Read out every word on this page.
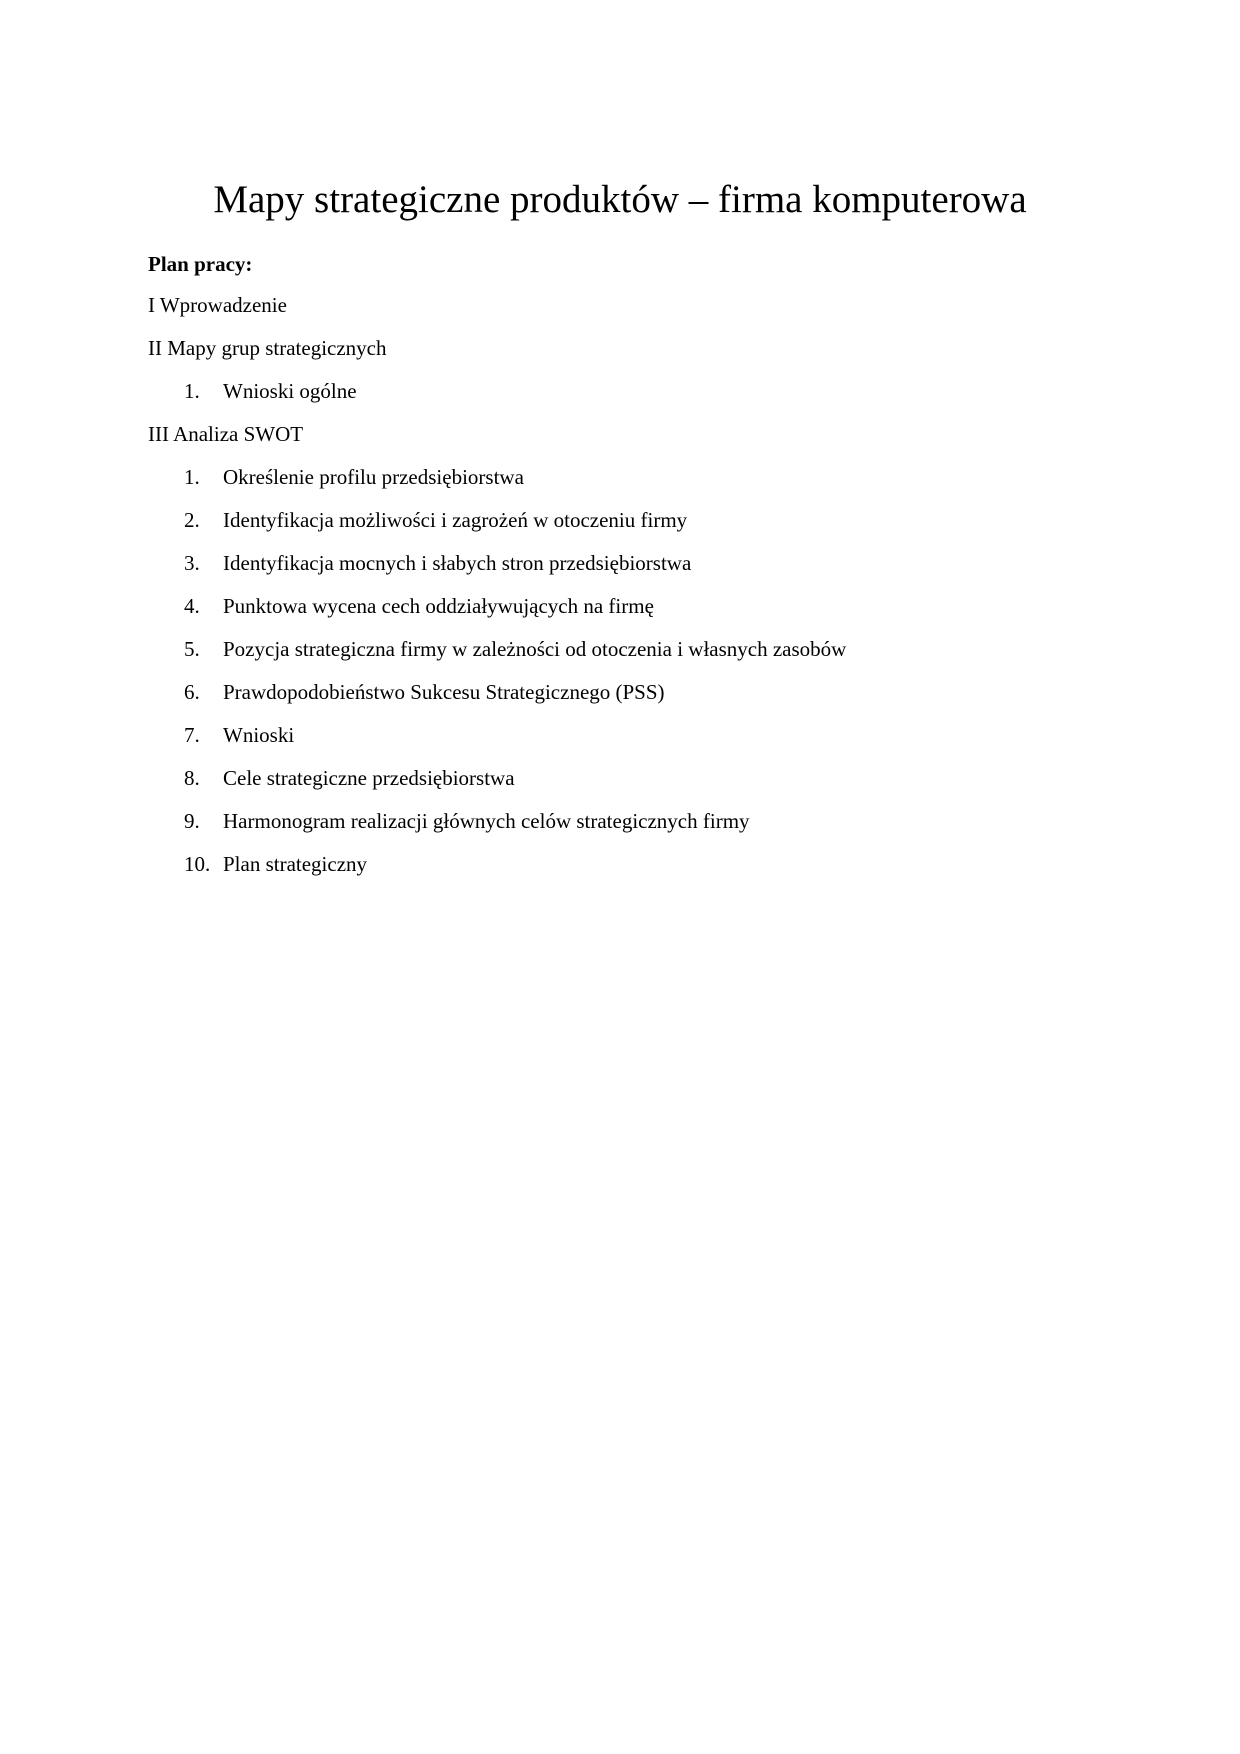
Mapy strategiczne produktów – firma komputerowa

Plan pracy:

I Wprowadzenie
II Mapy grup strategicznych
1. Wnioski ogólne
III Analiza SWOT
1. Określenie profilu przedsiębiorstwa
2. Identyfikacja możliwości i zagrożeń w otoczeniu firmy
3. Identyfikacja mocnych i słabych stron przedsiębiorstwa
4. Punktowa wycena cech oddziaływujących na firmę
5. Pozycja strategiczna firmy w zależności od otoczenia i własnych zasobów
6. Prawdopodobieństwo Sukcesu Strategicznego (PSS)
7. Wnioski
8. Cele strategiczne przedsiębiorstwa
9. Harmonogram realizacji głównych celów strategicznych firmy
10. Plan strategiczny
